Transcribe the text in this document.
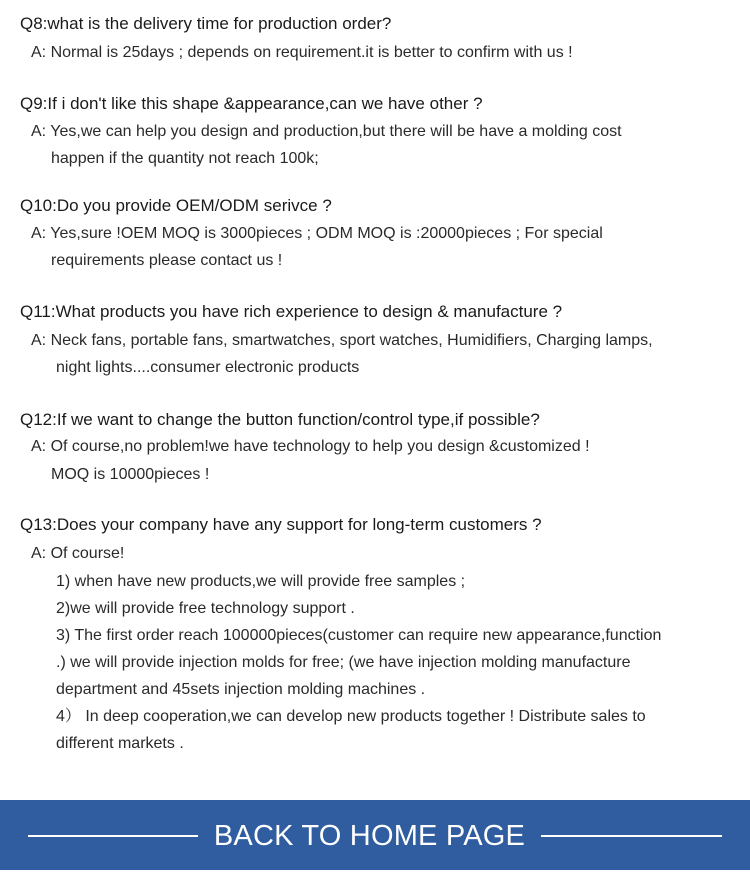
Q8:what is the delivery time for production order?
A: Normal is 25days ; depends on requirement.it is better to confirm with us !
Q9:If i don't like this shape &appearance,can we have other ?
A: Yes,we can help you design and production,but there will be have a molding cost
happen if the quantity not reach 100k;
Q10:Do you provide OEM/ODM serivce ?
A: Yes,sure !OEM MOQ is 3000pieces ; ODM MOQ is :20000pieces ; For special
requirements please contact us !
Q11:What products you have rich experience to design & manufacture ?
A: Neck fans, portable fans, smartwatches, sport watches, Humidifiers, Charging lamps,
night lights....consumer electronic products
Q12:If we want to change the button function/control type,if possible?
A: Of course,no problem!we have technology to help you design &customized !
MOQ is 10000pieces !
Q13:Does your company have any support for long-term customers ?
A: Of course!
1) when have new products,we will provide free samples ;
2)we will provide free technology support .
3) The first order reach 100000pieces(customer can require new appearance,function
.) we will provide injection molds for free; (we have injection molding manufacture
department and 45sets injection molding machines .
4） In deep cooperation,we can develop new products together ! Distribute sales to
different markets .
BACK TO HOME PAGE
